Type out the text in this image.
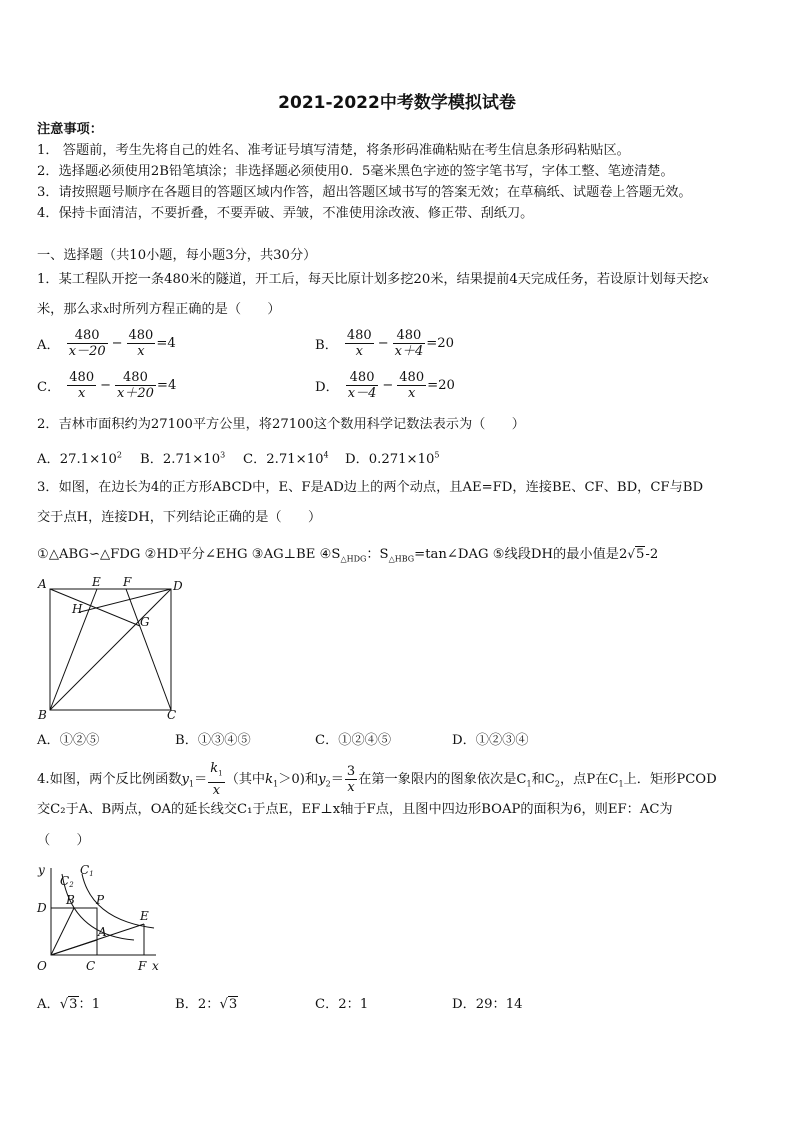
2021-2022中考数学模拟试卷
注意事项：
1． 答题前，考生先将自己的姓名、准考证号填写清楚，将条形码准确粘贴在考生信息条形码粘贴区。
2．选择题必须使用2B铅笔填涂；非选择题必须使用0．5毫米黑色字迹的签字笔书写，字体工整、笔迹清楚。
3．请按照题号顺序在各题目的答题区域内作答，超出答题区域书写的答案无效；在草稿纸、试题卷上答题无效。
4．保持卡面清洁，不要折叠，不要弄破、弄皱，不准使用涂改液、修正带、刮纸刀。
一、选择题（共10小题，每小题3分，共30分）
1．某工程队开挖一条480米的隧道，开工后，每天比原计划多挖20米，结果提前4天完成任务，若设原计划每天挖$^x$
米，那么求x时所列方程正确的是（　　）
A． $\frac{480}{x-20} - \frac{480}{x} =4$	B． $\frac{480}{x} - \frac{480}{x+4} =20$
C． $\frac{480}{x} - \frac{480}{x+20} =4$	D． $\frac{480}{x-4} - \frac{480}{x} =20$
2．吉林市面积约为27100平方公里，将27100这个数用科学记数法表示为（　　）
A．$27.1\times 10^2$ B．$2.71\times 10^3$ C．$2.71\times 10^4$ D．$0.271\times 10^5$
3．如图，在边长为4的正方形ABCD中，E、F是AD边上的两个动点，且AE=FD，连接BE、CF、BD，CF与BD
交于点H，连接DH，下列结论正确的是（　　）
①△ABG∽△FDG ②HD平分∠EHG ③AG⊥BE $④S_{\triangle HDG}$：$S_{\triangle HBG}=\tan\angle DAG$ ⑤线段DH的最小值是2√5-2
A	E F	D
H
G
B	C
A．①②⑤	B．①③④⑤	C．①②④⑤	D．①②③④
4.如图，两个反比例函数$y_1= \frac{k_1}{x}$ （其中$k_1>0$)和$y_2= \frac{3}{x}$ 在第一象限内的图象依次是$C_1$和$C_2$，点P在$C_1$上．矩形PCOD
交C₂于A、B两点，OA的延长线交C₁于点E，EF⊥x轴于F点，且图中四边形BOAP的面积为6，则EF：AC为
（　　）
y
C2
C1
B P
D
E
A
O	C	F x
A．√3：1	B．2：√3	C．2：1	D．29：14
